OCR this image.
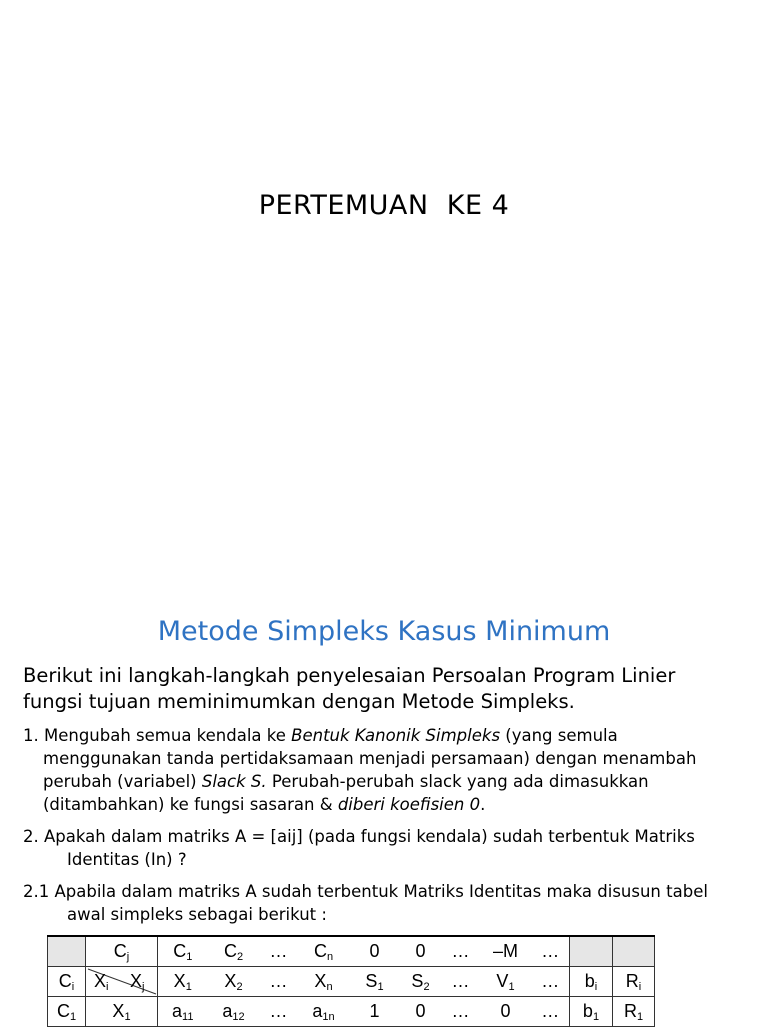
PERTEMUAN  KE 4
Metode Simpleks Kasus Minimum
Berikut ini langkah-langkah penyelesaian Persoalan Program Linier
fungsi tujuan meminimumkan dengan Metode Simpleks.
1. Mengubah semua kendala ke Bentuk Kanonik Simpleks (yang semula
menggunakan tanda pertidaksamaan menjadi persamaan) dengan menambah
perubah (variabel) Slack S. Perubah-perubah slack yang ada dimasukkan
(ditambahkan) ke fungsi sasaran & diberi koefisien 0.
2. Apakah dalam matriks A = [aij] (pada fungsi kendala) sudah terbentuk Matriks
Identitas (In) ?
2.1 Apabila dalam matriks A sudah terbentuk Matriks Identitas maka disusun tabel
awal simpleks sebagai berikut :
	$C_j$	$C_1$	$C_2$	…	$C_n$	0	0	…	–M	…		
$C_i$	$X_i$ $X_j$	$X_1$	$X_2$	…	$X_n$	$S_1$	$S_2$	…	$V_1$	…	$b_i$	$R_i$
$C_1$	$X_1$	$a_{11}$	$a_{12}$	…	$a_{1n}$	1	0	…	0	…	$b_1$	$R_1$
